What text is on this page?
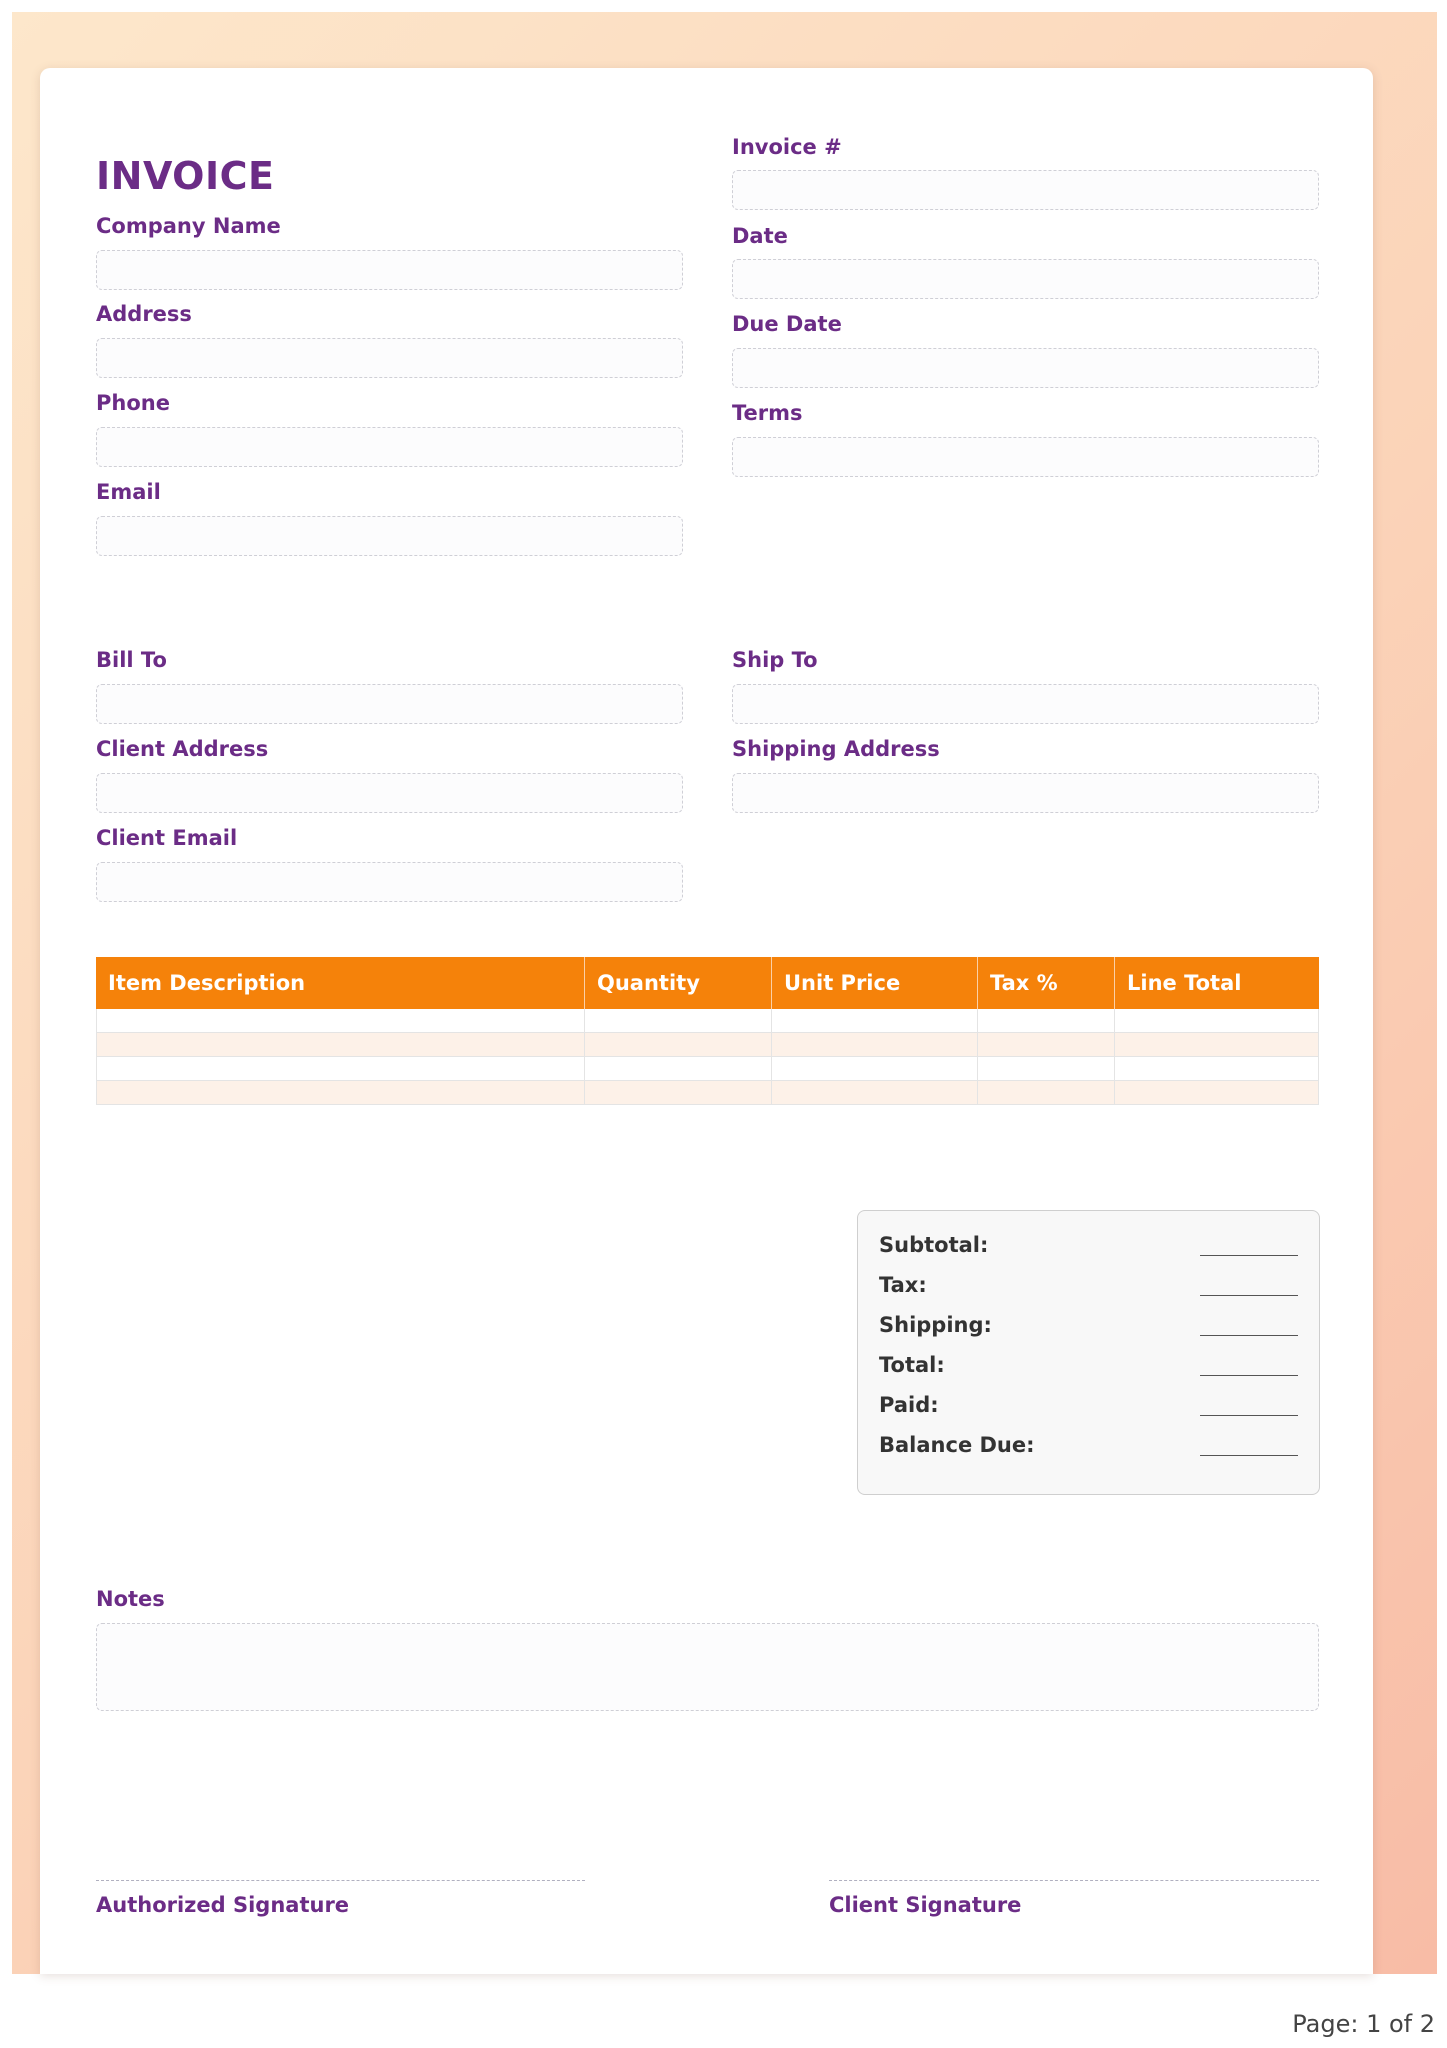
INVOICE
Company Name
Address
Phone
Email
Invoice #
Date
Due Date
Terms
Bill To
Client Address
Client Email
Ship To
Shipping Address
Item Description	Quantity	Unit Price	Tax %	Line Total
Subtotal:
Tax:
Shipping:
Total:
Paid:
Balance Due:
Notes
Authorized Signature	Client Signature
Page: 1 of 2
